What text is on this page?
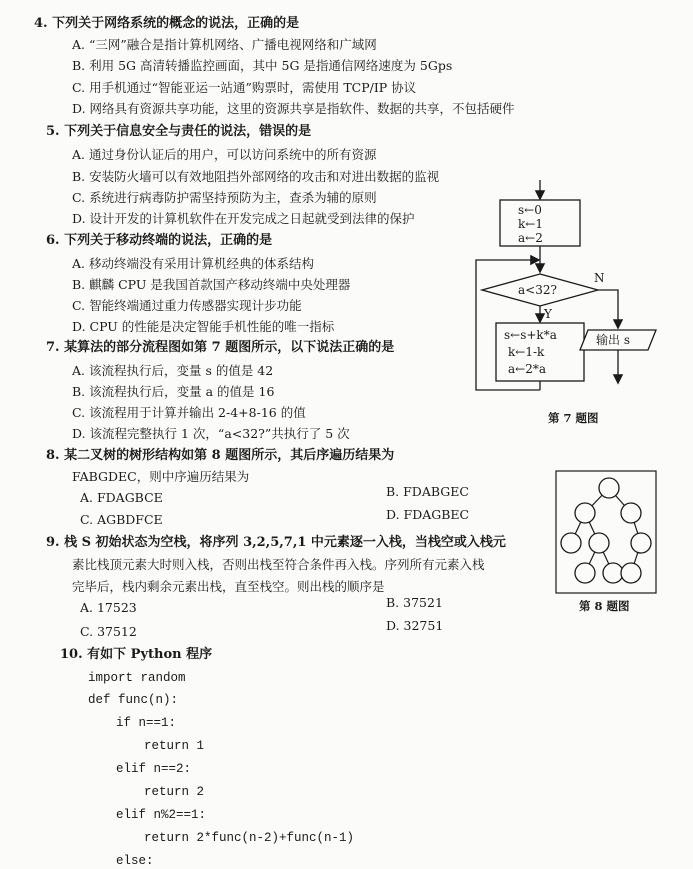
4. 下列关于网络系统的概念的说法，正确的是
A. “三网”融合是指计算机网络、广播电视网络和广域网
B. 利用 5G 高清转播监控画面，其中 5G 是指通信网络速度为 5Gps
C. 用手机通过“智能亚运一站通”购票时，需使用 TCP/IP 协议
D. 网络具有资源共享功能，这里的资源共享是指软件、数据的共享，不包括硬件
5. 下列关于信息安全与责任的说法，错误的是
A. 通过身份认证后的用户，可以访问系统中的所有资源
B. 安装防火墙可以有效地阻挡外部网络的攻击和对进出数据的监视
C. 系统进行病毒防护需坚持预防为主，查杀为辅的原则
D. 设计开发的计算机软件在开发完成之日起就受到法律的保护
6. 下列关于移动终端的说法，正确的是
A. 移动终端没有采用计算机经典的体系结构
B. 麒麟 CPU 是我国首款国产移动终端中央处理器
C. 智能终端通过重力传感器实现计步功能
D. CPU 的性能是决定智能手机性能的唯一指标
7. 某算法的部分流程图如第 7 题图所示，以下说法正确的是
A. 该流程执行后，变量 s 的值是 42
B. 该流程执行后，变量 a 的值是 16
C. 该流程用于计算并输出 2-4+8-16 的值
D. 该流程完整执行 1 次，“a<32?”共执行了 5 次
8. 某二叉树的树形结构如第 8 题图所示，其后序遍历结果为
FABGDEC，则中序遍历结果为
A. FDAGBCE	B. FDABGEC
C. AGBDFCE	D. FDAGBEC
9. 栈 S 初始状态为空栈，将序列 3,2,5,7,1 中元素逐一入栈，当栈空或入栈元
素比栈顶元素大时则入栈，否则出栈至符合条件再入栈。序列所有元素入栈
完毕后，栈内剩余元素出栈，直至栈空。则出栈的顺序是
A. 17523	B. 37521
C. 37512	D. 32751
10. 有如下 Python 程序
import random
def func(n):
if n==1:
return 1
elif n==2:
return 2
elif n%2==1:
return 2*func(n-2)+func(n-1)
else:
s←0
k←1
a←2
a<32?
N
Y
s←s+k*a
k←1-k
a←2*a
输出 s
第 7 题图
第 8 题图
